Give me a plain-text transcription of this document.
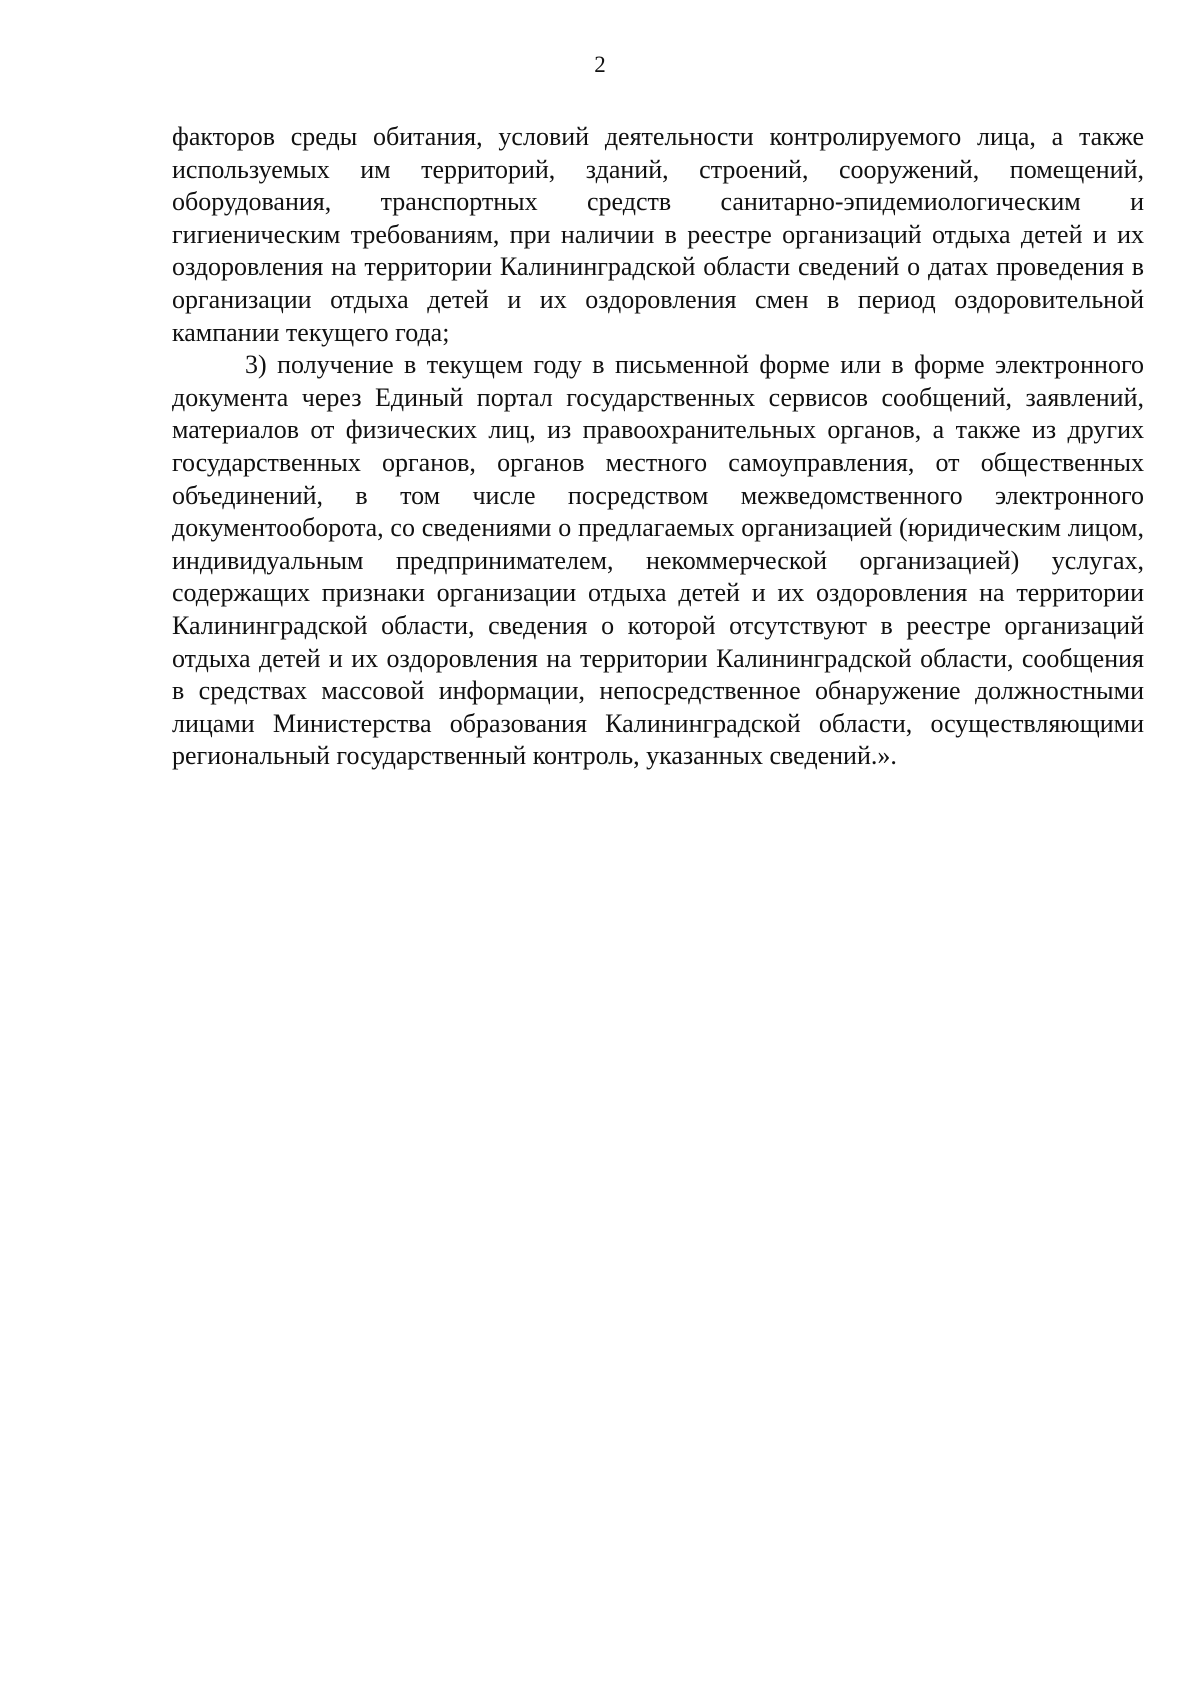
2

факторов среды обитания, условий деятельности контролируемого лица, а также используемых им территорий, зданий, строений, сооружений, помещений, оборудования, транспортных средств санитарно-эпидемиологическим и гигиеническим требованиям, при наличии в реестре организаций отдыха детей и их оздоровления на территории Калининградской области сведений о датах проведения в организации отдыха детей и их оздоровления смен в период оздоровительной кампании текущего года;

3) получение в текущем году в письменной форме или в форме электронного документа через Единый портал государственных сервисов сообщений, заявлений, материалов от физических лиц, из правоохранительных органов, а также из других государственных органов, органов местного самоуправления, от общественных объединений, в том числе посредством межведомственного электронного документооборота, со сведениями о предлагаемых организацией (юридическим лицом, индивидуальным предпринимателем, некоммерческой организацией) услугах, содержащих признаки организации отдыха детей и их оздоровления на территории Калининградской области, сведения о которой отсутствуют в реестре организаций отдыха детей и их оздоровления на территории Калининградской области, сообщения в средствах массовой информации, непосредственное обнаружение должностными лицами Министерства образования Калининградской области, осуществляющими региональный государственный контроль, указанных сведений.».
